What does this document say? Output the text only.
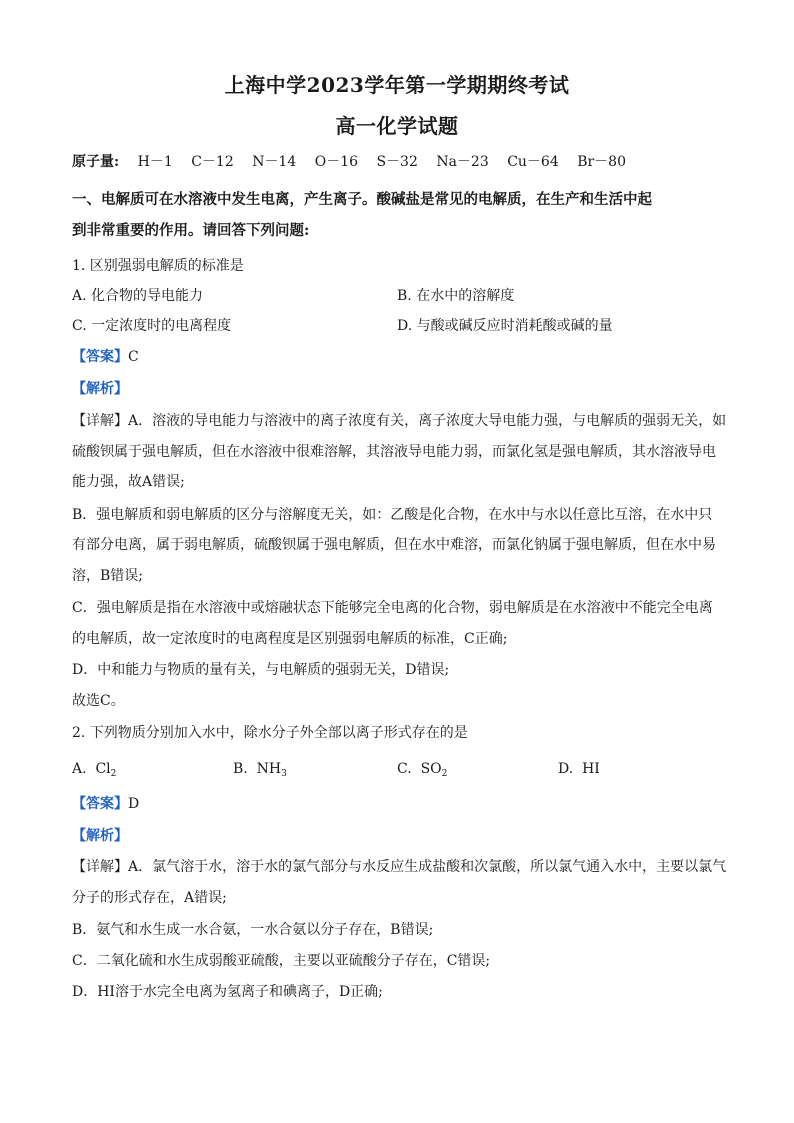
上海中学2023学年第一学期期终考试
高一化学试题
原子量: H－1 C－12 N－14 O－16 S－32 Na－23 Cu－64 Br－80
一、电解质可在水溶液中发生电离，产生离子。酸碱盐是常见的电解质，在生产和生活中起
到非常重要的作用。请回答下列问题:
1. 区别强弱电解质的标准是
A. 化合物的导电能力	B. 在水中的溶解度
C. 一定浓度时的电离程度	D. 与酸或碱反应时消耗酸或碱的量
【答案】C
【解析】
【详解】A．溶液的导电能力与溶液中的离子浓度有关，离子浓度大导电能力强，与电解质的强弱无关，如
硫酸钡属于强电解质，但在水溶液中很难溶解，其溶液导电能力弱，而氯化氢是强电解质，其水溶液导电
能力强，故A错误;
B．强电解质和弱电解质的区分与溶解度无关，如：乙酸是化合物，在水中与水以任意比互溶，在水中只
有部分电离，属于弱电解质，硫酸钡属于强电解质，但在水中难溶，而氯化钠属于强电解质，但在水中易
溶，B错误;
C．强电解质是指在水溶液中或熔融状态下能够完全电离的化合物，弱电解质是在水溶液中不能完全电离
的电解质，故一定浓度时的电离程度是区别强弱电解质的标准，C正确;
D．中和能力与物质的量有关，与电解质的强弱无关，D错误;
故选C。
2. 下列物质分别加入水中，除水分子外全部以离子形式存在的是
A. $Cl_2$	B. $NH_3$	C. $SO_2$	D. HI
【答案】D
【解析】
【详解】A．氯气溶于水，溶于水的氯气部分与水反应生成盐酸和次氯酸，所以氯气通入水中，主要以氯气
分子的形式存在，A错误;
B．氨气和水生成一水合氨，一水合氨以分子存在，B错误;
C．二氧化硫和水生成弱酸亚硫酸，主要以亚硫酸分子存在，C错误;
D．HI溶于水完全电离为氢离子和碘离子，D正确;
